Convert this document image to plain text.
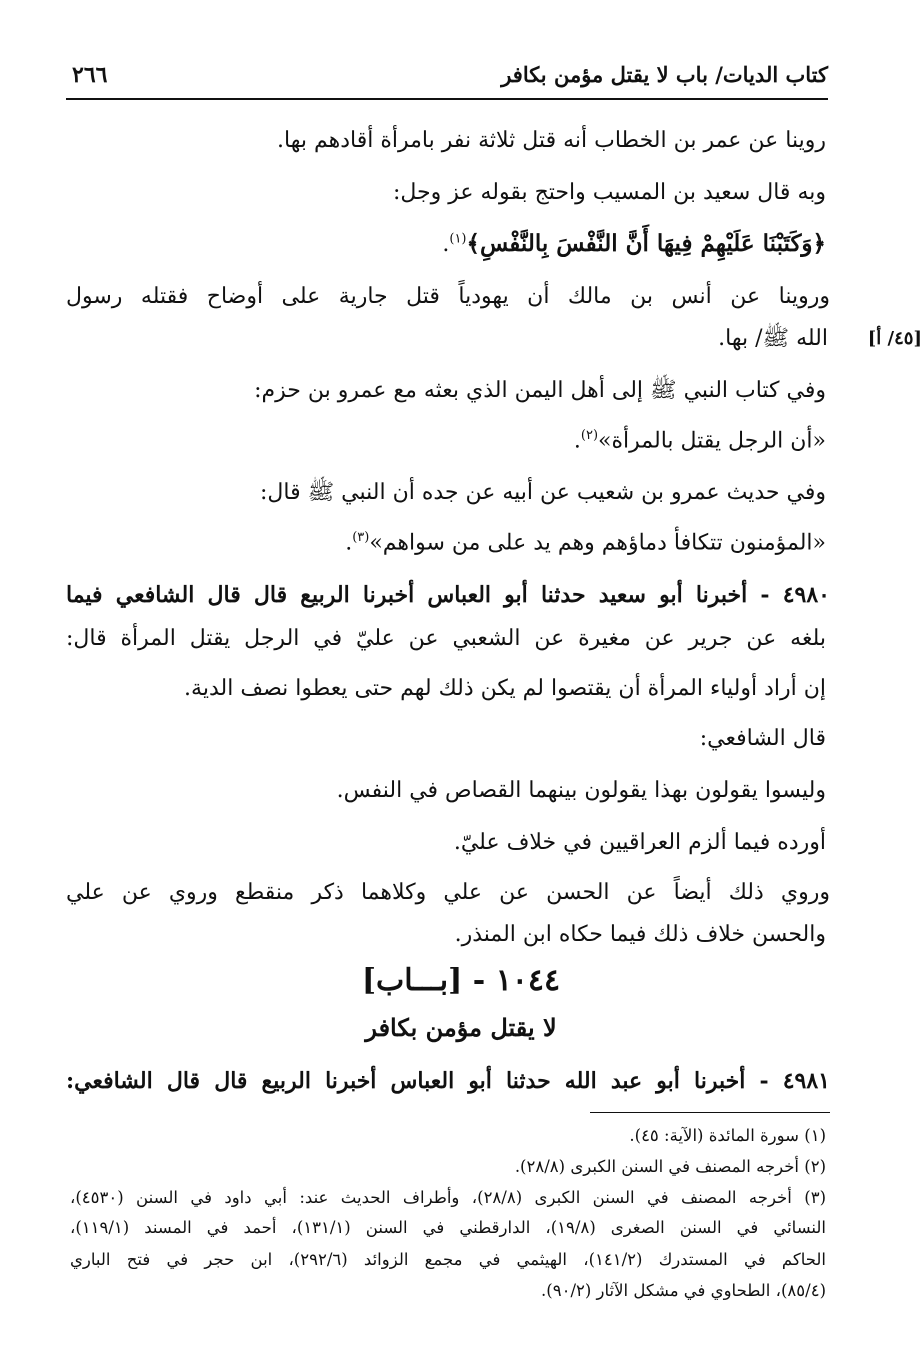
كتاب الديات/ باب لا يقتل مؤمن بكافر
٢٦٦
روينا عن عمر بن الخطاب أنه قتل ثلاثة نفر بامرأة أقادهم بها.
وبه قال سعيد بن المسيب واحتج بقوله عز وجل:
﴿وَكَتَبْنَا عَلَيْهِمْ فِيهَا أَنَّ النَّفْسَ بِالنَّفْسِ﴾$^{(١)}$.
وروينا عن أنس بن مالك أن يهودياً قتل جارية على أوضاح فقتله رسول
[٤٥/ أ]
الله ﷺ/ بها.
وفي كتاب النبي ﷺ إلى أهل اليمن الذي بعثه مع عمرو بن حزم:
«أن الرجل يقتل بالمرأة»$^{(٢)}$.
وفي حديث عمرو بن شعيب عن أبيه عن جده أن النبي ﷺ قال:
«المؤمنون تتكافأ دماؤهم وهم يد على من سواهم»$^{(٣)}$.
٤٩٨٠ - أخبرنا أبو سعيد حدثنا أبو العباس أخبرنا الربيع قال قال الشافعي فيما
بلغه عن جرير عن مغيرة عن الشعبي عن عليّ في الرجل يقتل المرأة قال:
إن أراد أولياء المرأة أن يقتصوا لم يكن ذلك لهم حتى يعطوا نصف الدية.
قال الشافعي:
وليسوا يقولون بهذا يقولون بينهما القصاص في النفس.
أورده فيما ألزم العراقيين في خلاف عليّ.
وروي ذلك أيضاً عن الحسن عن علي وكلاهما ذكر منقطع وروي عن علي
والحسن خلاف ذلك فيما حكاه ابن المنذر.
١٠٤٤ - [بـــاب]
لا يقتل مؤمن بكافر
٤٩٨١ - أخبرنا أبو عبد الله حدثنا أبو العباس أخبرنا الربيع قال قال الشافعي:
(١) سورة المائدة (الآية: ٤٥).
(٢) أخرجه المصنف في السنن الكبرى (٢٨/٨).
(٣) أخرجه المصنف في السنن الكبرى (٢٨/٨)، وأطراف الحديث عند: أبي داود في السنن (٤٥٣٠)،
النسائي في السنن الصغرى (١٩/٨)، الدارقطني في السنن (١٣١/١)، أحمد في المسند (١١٩/١)،
الحاكم في المستدرك (١٤١/٢)، الهيثمي في مجمع الزوائد (٢٩٢/٦)، ابن حجر في فتح الباري
(٨٥/٤)، الطحاوي في مشكل الآثار (٩٠/٢).
